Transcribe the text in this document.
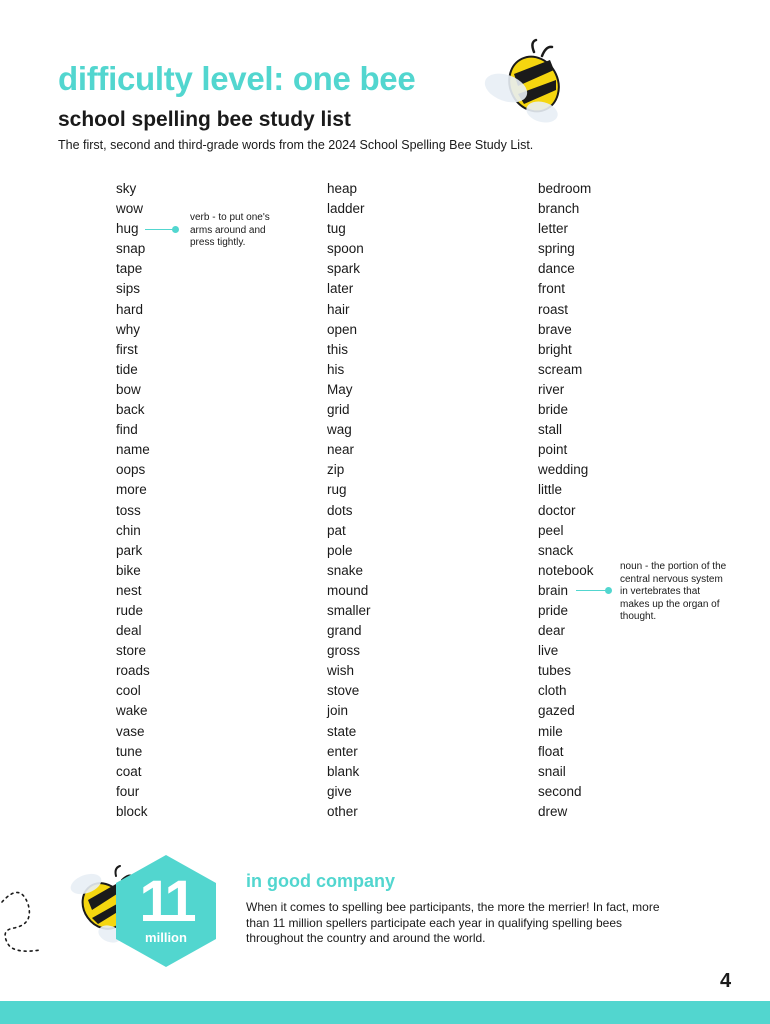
difficulty level: one bee
school spelling bee study list
The first, second and third-grade words from the 2024 School Spelling Bee Study List.
sky
wow
hug
snap
tape
sips
hard
why
first
tide
bow
back
find
name
oops
more
toss
chin
park
bike
nest
rude
deal
store
roads
cool
wake
vase
tune
coat
four
block
heap
ladder
tug
spoon
spark
later
hair
open
this
his
May
grid
wag
near
zip
rug
dots
pat
pole
snake
mound
smaller
grand
gross
wish
stove
join
state
enter
blank
give
other
bedroom
branch
letter
spring
dance
front
roast
brave
bright
scream
river
bride
stall
point
wedding
little
doctor
peel
snack
notebook
brain
pride
dear
live
tubes
cloth
gazed
mile
float
snail
second
drew
verb - to put one's arms around and press tightly.
noun - the portion of the central nervous system in vertebrates that makes up the organ of thought.
11
million
in good company
When it comes to spelling bee participants, the more the merrier! In fact, more than 11 million spellers participate each year in qualifying spelling bees throughout the country and around the world.
4
